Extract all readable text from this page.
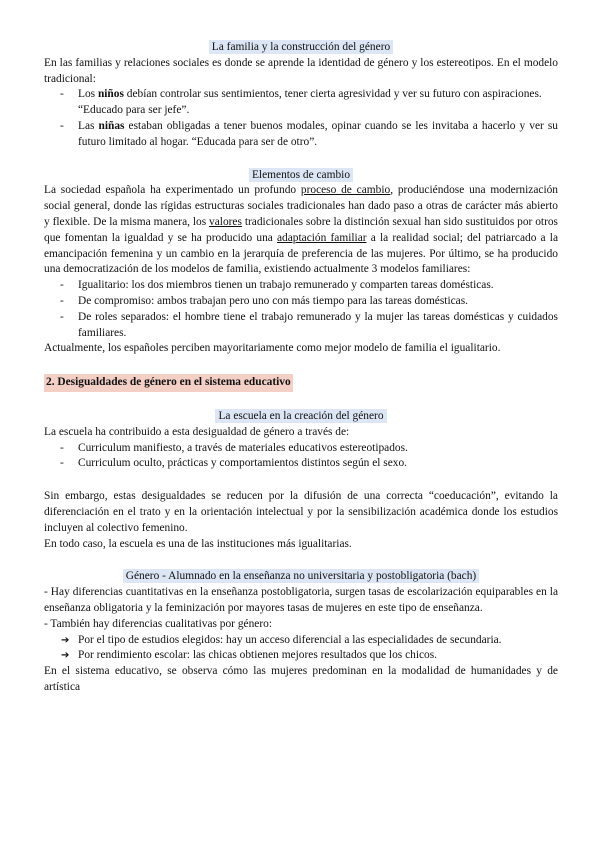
La familia y la construcción del género

En las familias y relaciones sociales es donde se aprende la identidad de género y los estereotipos. En el modelo tradicional:

- Los niños debían controlar sus sentimientos, tener cierta agresividad y ver su futuro con aspiraciones.
“Educado para ser jefe”.
- Las niñas estaban obligadas a tener buenos modales, opinar cuando se les invitaba a hacerlo y ver su futuro limitado al hogar. “Educada para ser de otro”.
Elementos de cambio

La sociedad española ha experimentado un profundo proceso de cambio, produciéndose una modernización social general, donde las rígidas estructuras sociales tradicionales han dado paso a otras de carácter más abierto y flexible. De la misma manera, los valores tradicionales sobre la distinción sexual han sido sustituidos por otros que fomentan la igualdad y se ha producido una adaptación familiar a la realidad social; del patriarcado a la emancipación femenina y un cambio en la jerarquía de preferencia de las mujeres. Por último, se ha producido una democratización de los modelos de familia, existiendo actualmente 3 modelos familiares:

- Igualitario: los dos miembros tienen un trabajo remunerado y comparten tareas domésticas.
- De compromiso: ambos trabajan pero uno con más tiempo para las tareas domésticas.
- De roles separados: el hombre tiene el trabajo remunerado y la mujer las tareas domésticas y cuidados familiares.

Actualmente, los españoles perciben mayoritariamente como mejor modelo de familia el igualitario.

2. Desigualdades de género en el sistema educativo

La escuela en la creación del género

La escuela ha contribuido a esta desigualdad de género a través de:

- Curriculum manifiesto, a través de materiales educativos estereotipados.
- Curriculum oculto, prácticas y comportamientos distintos según el sexo.

Sin embargo, estas desigualdades se reducen por la difusión de una correcta “coeducación”, evitando la diferenciación en el trato y en la orientación intelectual y por la sensibilización académica donde los estudios incluyen al colectivo femenino.

En todo caso, la escuela es una de las instituciones más igualitarias.

Género - Alumnado en la enseñanza no universitaria y postobligatoria (bach)

- Hay diferencias cuantitativas en la enseñanza postobligatoria, surgen tasas de escolarización equiparables en la enseñanza obligatoria y la feminización por mayores tasas de mujeres en este tipo de enseñanza.

- También hay diferencias cualitativas por género:

➔ Por el tipo de estudios elegidos: hay un acceso diferencial a las especialidades de secundaria.
➔ Por rendimiento escolar: las chicas obtienen mejores resultados que los chicos.

En el sistema educativo, se observa cómo las mujeres predominan en la modalidad de humanidades y de artística
